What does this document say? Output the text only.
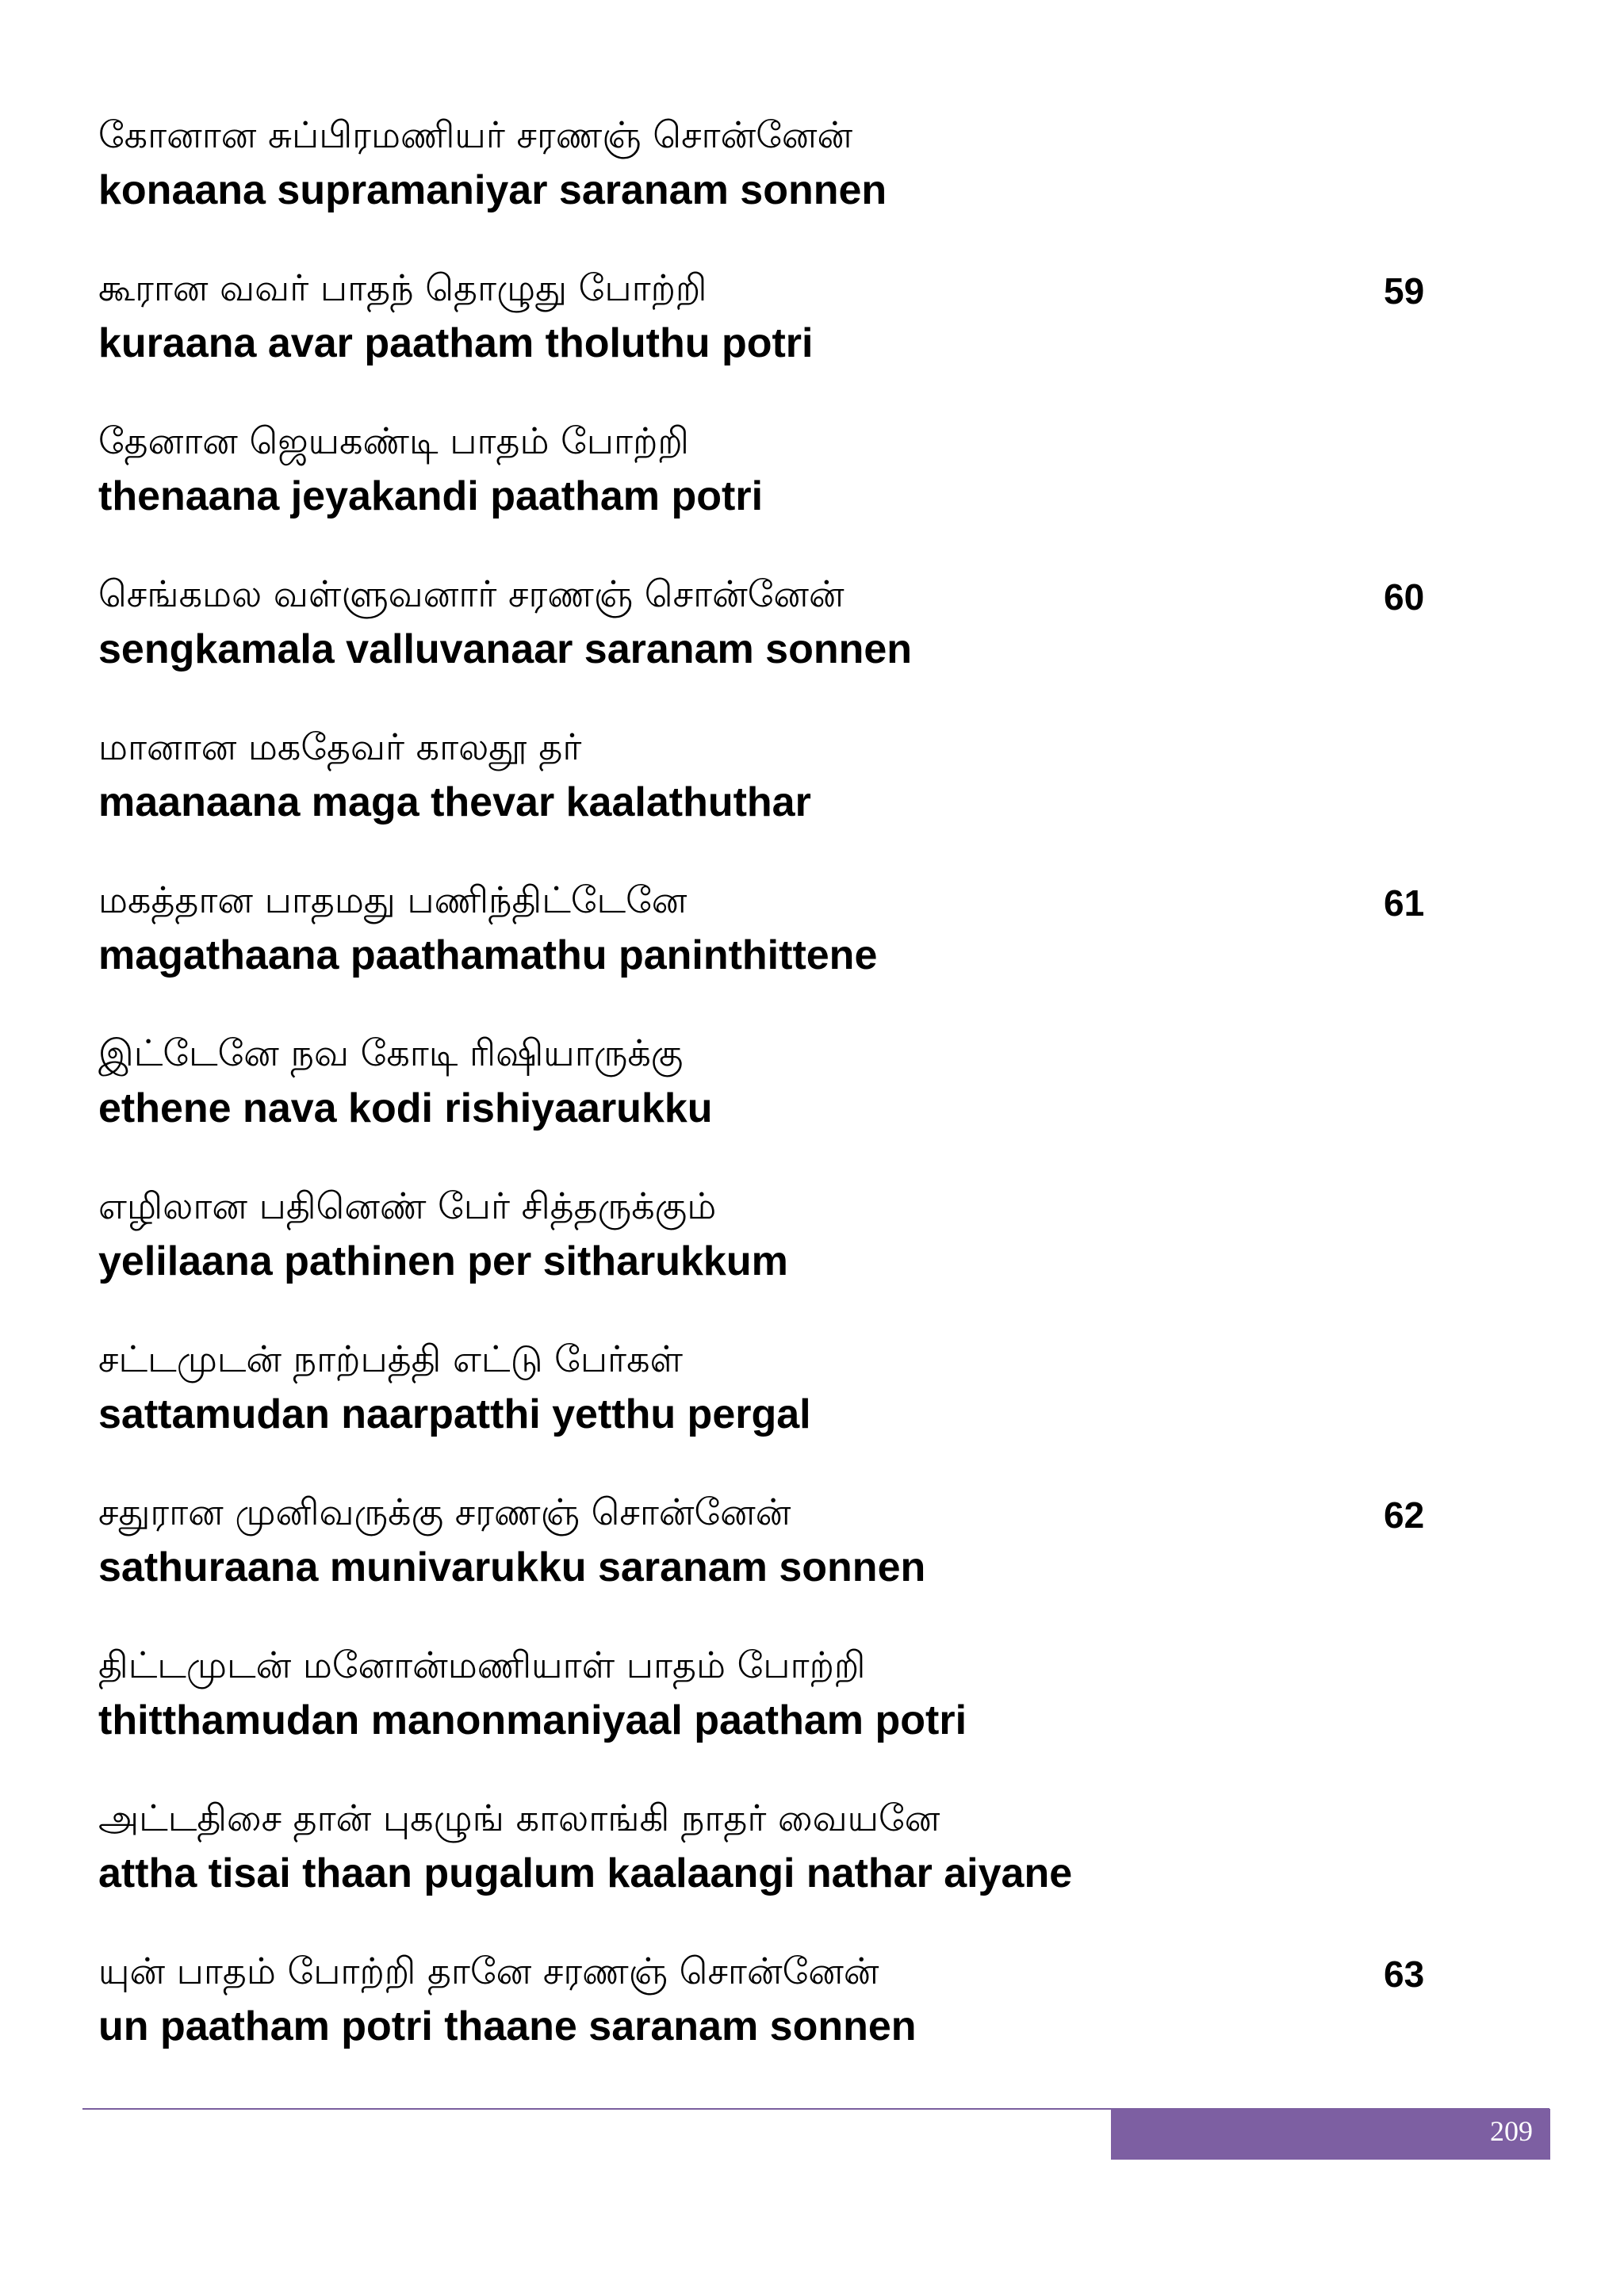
கோனான சுப்பிரமணியர் சரணஞ் சொன்னேன்
konaana supramaniyar saranam sonnen
கூரான வவர் பாதந் தொழுது போற்றி
kuraana avar paatham tholuthu potri
59
தேனான ஜெயகண்டி பாதம் போற்றி
thenaana jeyakandi paatham potri
செங்கமல வள்ளுவனார் சரணஞ் சொன்னேன்
sengkamala valluvanaar saranam sonnen
60
மானான மகதேவர் காலதூ தர்
maanaana maga thevar kaalathuthar
மகத்தான பாதமது பணிந்திட்டேனே
magathaana paathamathu paninthittene
61
இட்டேனே நவ கோடி ரிஷியாருக்கு
ethene nava kodi rishiyaarukku
எழிலான பதினெண் பேர் சித்தருக்கும்
yelilaana pathinen per sitharukkum
சட்டமுடன் நாற்பத்தி எட்டு பேர்கள்
sattamudan naarpatthi yetthu pergal
சதுரான முனிவருக்கு சரணஞ் சொன்னேன்
sathuraana munivarukku saranam sonnen
62
திட்டமுடன் மனோன்மணியாள் பாதம் போற்றி
thitthamudan manonmaniyaal paatham potri
அட்டதிசை தான் புகழுங் காலாங்கி நாதர் வையனே
attha tisai thaan pugalum kaalaangi nathar aiyane
யுன் பாதம் போற்றி தானே சரணஞ் சொன்னேன்
un paatham potri thaane saranam sonnen
63
209
